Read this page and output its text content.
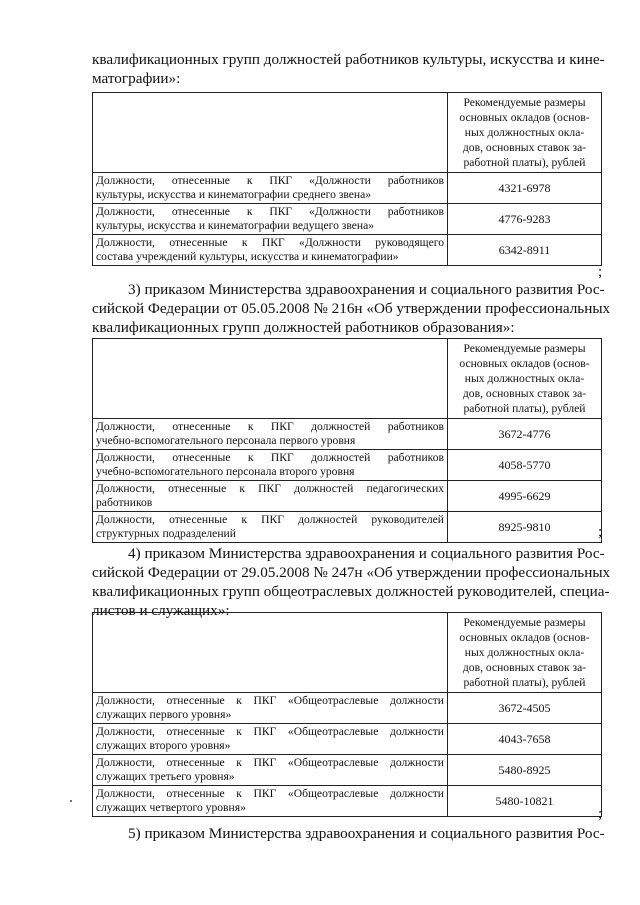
квалификационных групп должностей работников культуры, искусства и кине-
матографии»:

	Рекомендуемые размеры
основных окладов (основ-
ных должностных окла-
дов, основных ставок за-
работной платы), рублей

Должности, отнесенные к ПКГ «Должности работников
культуры, искусства и кинематографии среднего звена»	4321-6978

Должности, отнесенные к ПКГ «Должности работников
культуры, искусства и кинематографии ведущего звена»	4776-9283

Должности, отнесенные к ПКГ «Должности руководящего
состава учреждений культуры, искусства и кинематографии»	6342-8911
;
3) приказом Министерства здравоохранения и социального развития Рос-
сийской Федерации от 05.05.2008 № 216н «Об утверждении профессиональных
квалификационных групп должностей работников образования»:

	Рекомендуемые размеры
основных окладов (основ-
ных должностных окла-
дов, основных ставок за-
работной платы), рублей

Должности, отнесенные к ПКГ должностей работников
учебно-вспомогательного персонала первого уровня	3672-4776

Должности, отнесенные к ПКГ должностей работников
учебно-вспомогательного персонала второго уровня	4058-5770

Должности, отнесенные к ПКГ должностей педагогических
работников	4995-6629

Должности, отнесенные к ПКГ должностей руководителей
структурных подразделений	8925-9810	;
4) приказом Министерства здравоохранения и социального развития Рос-
сийской Федерации от 29.05.2008 № 247н «Об утверждении профессиональных
квалификационных групп общеотраслевых должностей руководителей, специа-
листов и служащих»:

	Рекомендуемые размеры
основных окладов (основ-
ных должностных окла-
дов, основных ставок за-
работной платы), рублей

Должности, отнесенные к ПКГ «Общеотраслевые должности
служащих первого уровня»	3672-4505

Должности, отнесенные к ПКГ «Общеотраслевые должности
служащих второго уровня»	4043-7658

Должности, отнесенные к ПКГ «Общеотраслевые должности
служащих третьего уровня»	5480-8925

Должности, отнесенные к ПКГ «Общеотраслевые должности
служащих четвертого уровня»	5480-10821
;
5) приказом Министерства здравоохранения и социального развития Рос-
